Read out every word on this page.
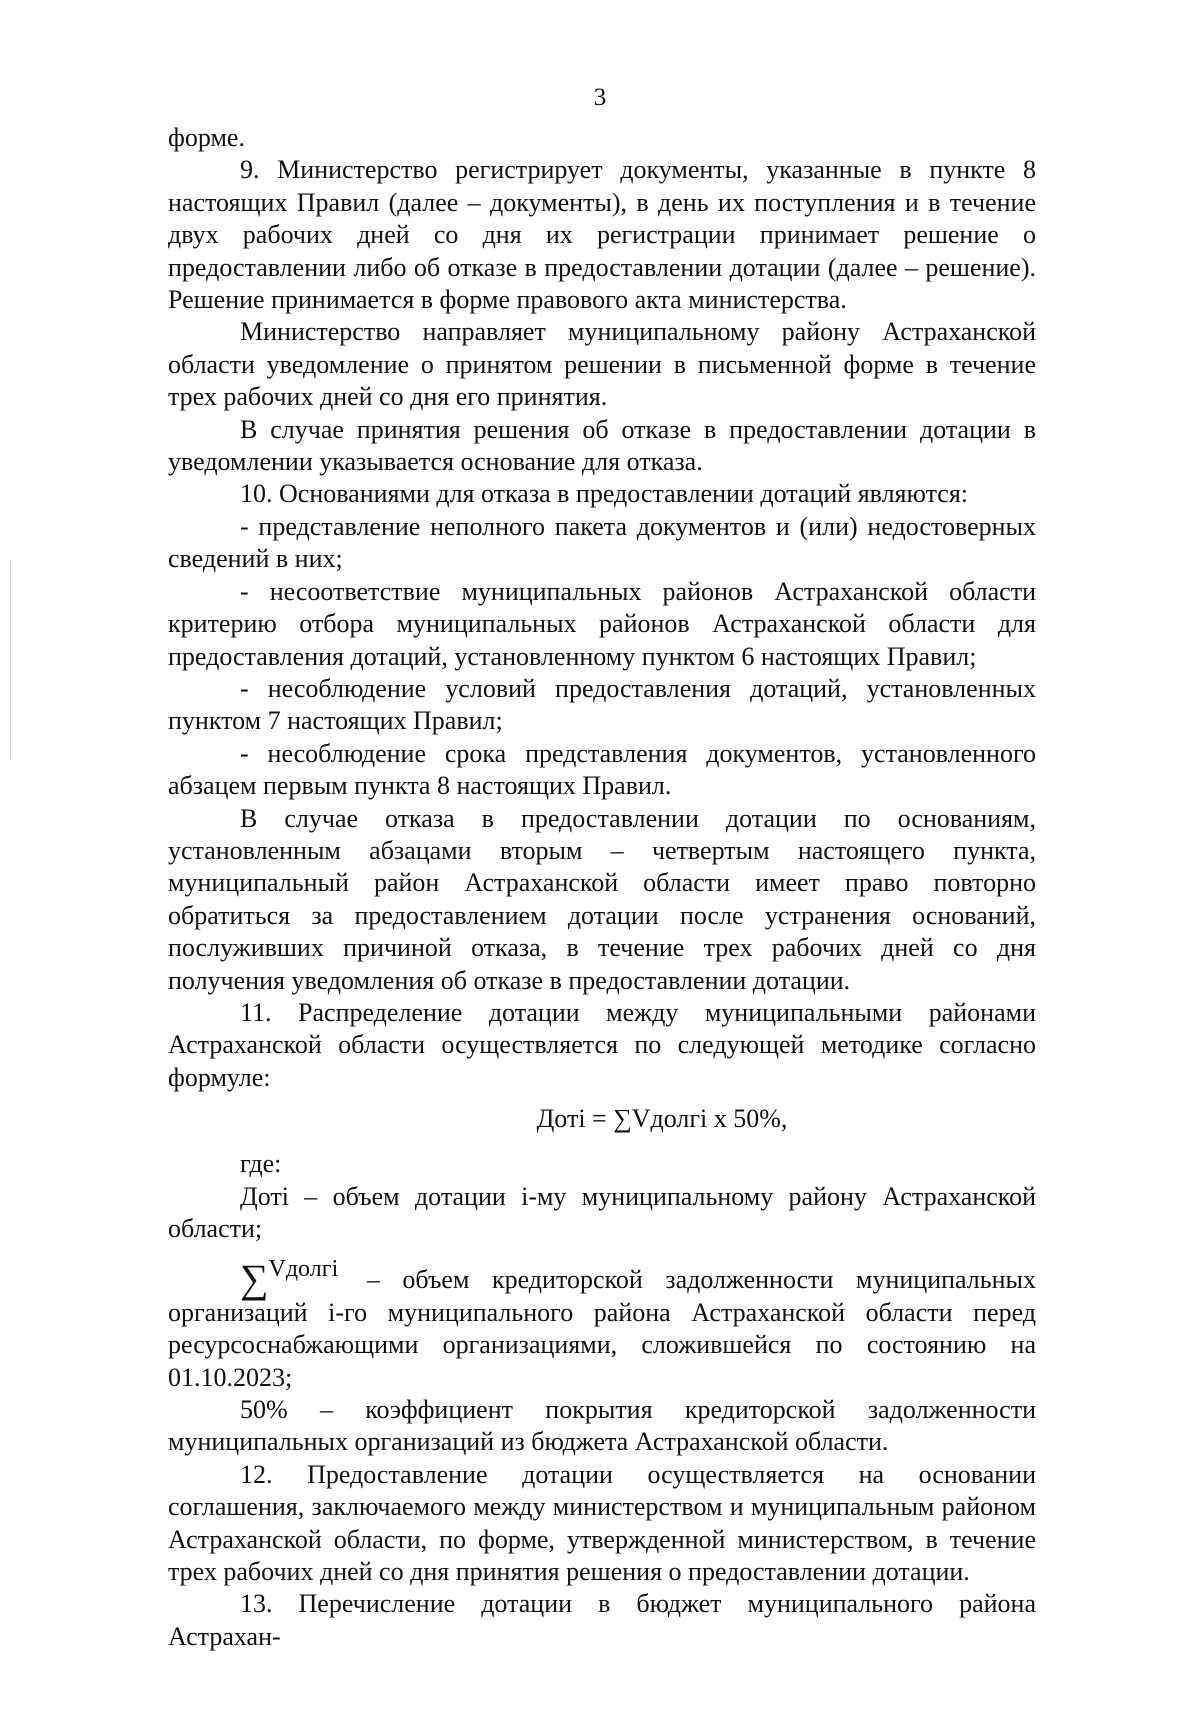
3

форме.

9. Министерство регистрирует документы, указанные в пункте 8 настоящих Правил (далее – документы), в день их поступления и в течение двух рабочих дней со дня их регистрации принимает решение о предоставлении либо об отказе в предоставлении дотации (далее – решение). Решение принимается в форме правового акта министерства.

Министерство направляет муниципальному району Астраханской области уведомление о принятом решении в письменной форме в течение трех рабочих дней со дня его принятия.

В случае принятия решения об отказе в предоставлении дотации в уведомлении указывается основание для отказа.

10. Основаниями для отказа в предоставлении дотаций являются:

- представление неполного пакета документов и (или) недостоверных сведений в них;

- несоответствие муниципальных районов Астраханской области критерию отбора муниципальных районов Астраханской области для предоставления дотаций, установленному пунктом 6 настоящих Правил;

- несоблюдение условий предоставления дотаций, установленных пунктом 7 настоящих Правил;

- несоблюдение срока представления документов, установленного абзацем первым пункта 8 настоящих Правил.

В случае отказа в предоставлении дотации по основаниям, установленным абзацами вторым – четвертым настоящего пункта, муниципальный район Астраханской области имеет право повторно обратиться за предоставлением дотации после устранения оснований, послуживших причиной отказа, в течение трех рабочих дней со дня получения уведомления об отказе в предоставлении дотации.

11. Распределение дотации между муниципальными районами Астраханской области осуществляется по следующей методике согласно формуле:

Дотi = ∑Vдолгi x 50%,

где:

Дотi – объем дотации i-му муниципальному району Астраханской области;

∑Vдолгi – объем кредиторской задолженности муниципальных организаций i-го муниципального района Астраханской области перед ресурсоснабжающими организациями, сложившейся по состоянию на 01.10.2023;

50% – коэффициент покрытия кредиторской задолженности муниципальных организаций из бюджета Астраханской области.

12. Предоставление дотации осуществляется на основании соглашения, заключаемого между министерством и муниципальным районом Астраханской области, по форме, утвержденной министерством, в течение трех рабочих дней со дня принятия решения о предоставлении дотации.

13. Перечисление дотации в бюджет муниципального района Астрахан-
